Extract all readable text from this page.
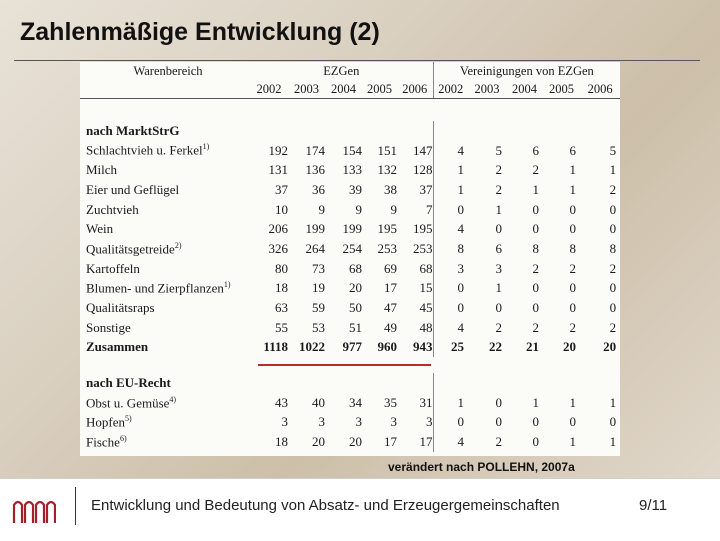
Zahlenmäßige Entwicklung (2)
Warenbereich	EZGen					Vereinigungen von EZGen				
	2002	2003	2004	2005	2006	2002	2003	2004	2005	2006

nach MarktStrG										
Schlachtvieh u. Ferkel$^{1)}$	192	174	154	151	147	4	5	6	6	5
Milch	131	136	133	132	128	1	2	2	1	1
Eier und Geflügel	37	36	39	38	37	1	2	1	1	2
Zuchtvieh	10	9	9	9	7	0	1	0	0	0
Wein	206	199	199	195	195	4	0	0	0	0
Qualitätsgetreide$^{2)}$	326	264	254	253	253	8	6	8	8	8
Kartoffeln	80	73	68	69	68	3	3	2	2	2
Blumen- und Zierpflanzen$^{1)}$	18	19	20	17	15	0	1	0	0	0
Qualitätsraps	63	59	50	47	45	0	0	0	0	0
Sonstige	55	53	51	49	48	4	2	2	2	2
Zusammen	1118	1022	977	960	943	25	22	21	20	20

nach EU-Recht										
Obst u. Gemüse$^{4)}$	43	40	34	35	31	1	0	1	1	1
Hopfen$^{5)}$	3	3	3	3	3	0	0	0	0	0
Fische$^{6)}$	18	20	20	17	17	4	2	0	1	1
verändert nach POLLEHN, 2007a
Entwicklung und Bedeutung von Absatz- und Erzeugergemeinschaften	9/11
